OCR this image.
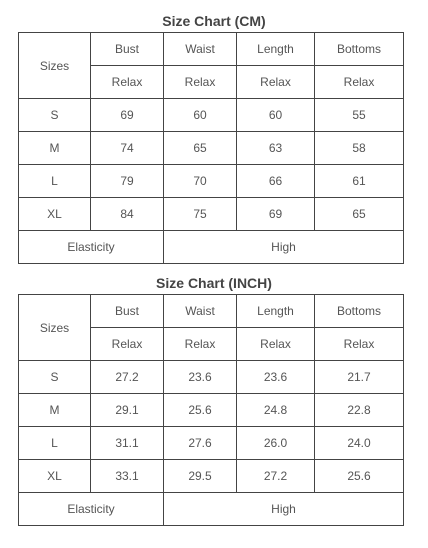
Size Chart (CM)
Sizes	Bust	Waist	Length	Bottoms
	Relax	Relax	Relax	Relax
S	69	60	60	55
M	74	65	63	58
L	79	70	66	61
XL	84	75	69	65
Elasticity		High		
Size Chart (INCH)
Sizes	Bust	Waist	Length	Bottoms
	Relax	Relax	Relax	Relax
S	27.2	23.6	23.6	21.7
M	29.1	25.6	24.8	22.8
L	31.1	27.6	26.0	24.0
XL	33.1	29.5	27.2	25.6
Elasticity		High		
